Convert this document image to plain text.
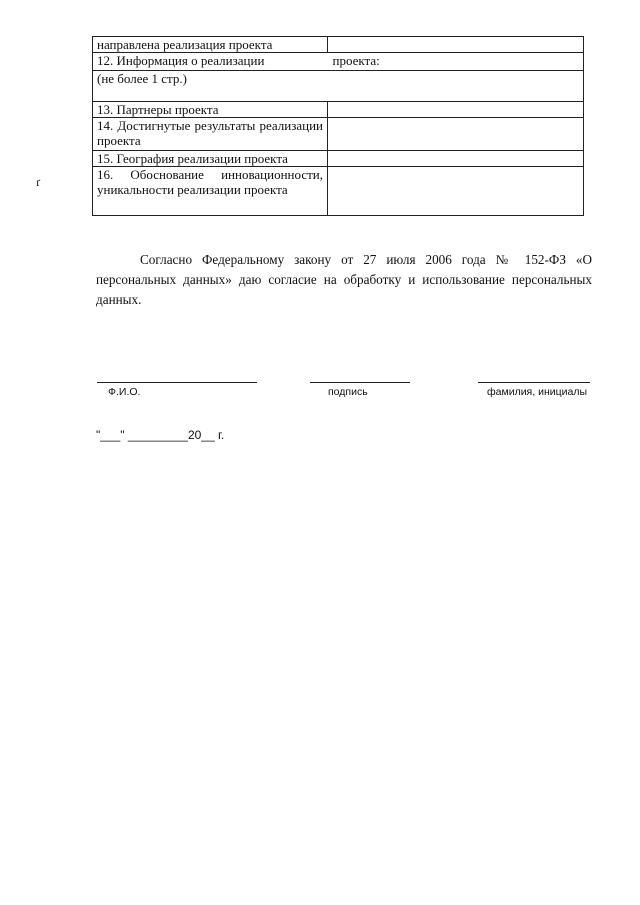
направлена реализация проекта	
12. Информация о реализации проекта:	

(не более 1 стр.)	
13. Партнеры проекта	
14. Достигнутые результаты реализации проекта	
15. География реализации проекта	
16. Обоснование инновационности, уникальности реализации проекта	
ґ

Согласно Федеральному закону от 27 июля 2006 года № 152-ФЗ «О персональных данных» даю согласие на обработку и использование персональных данных.

Ф.И.О.	подпись	фамилия, инициалы
"___" _________20__ г.
